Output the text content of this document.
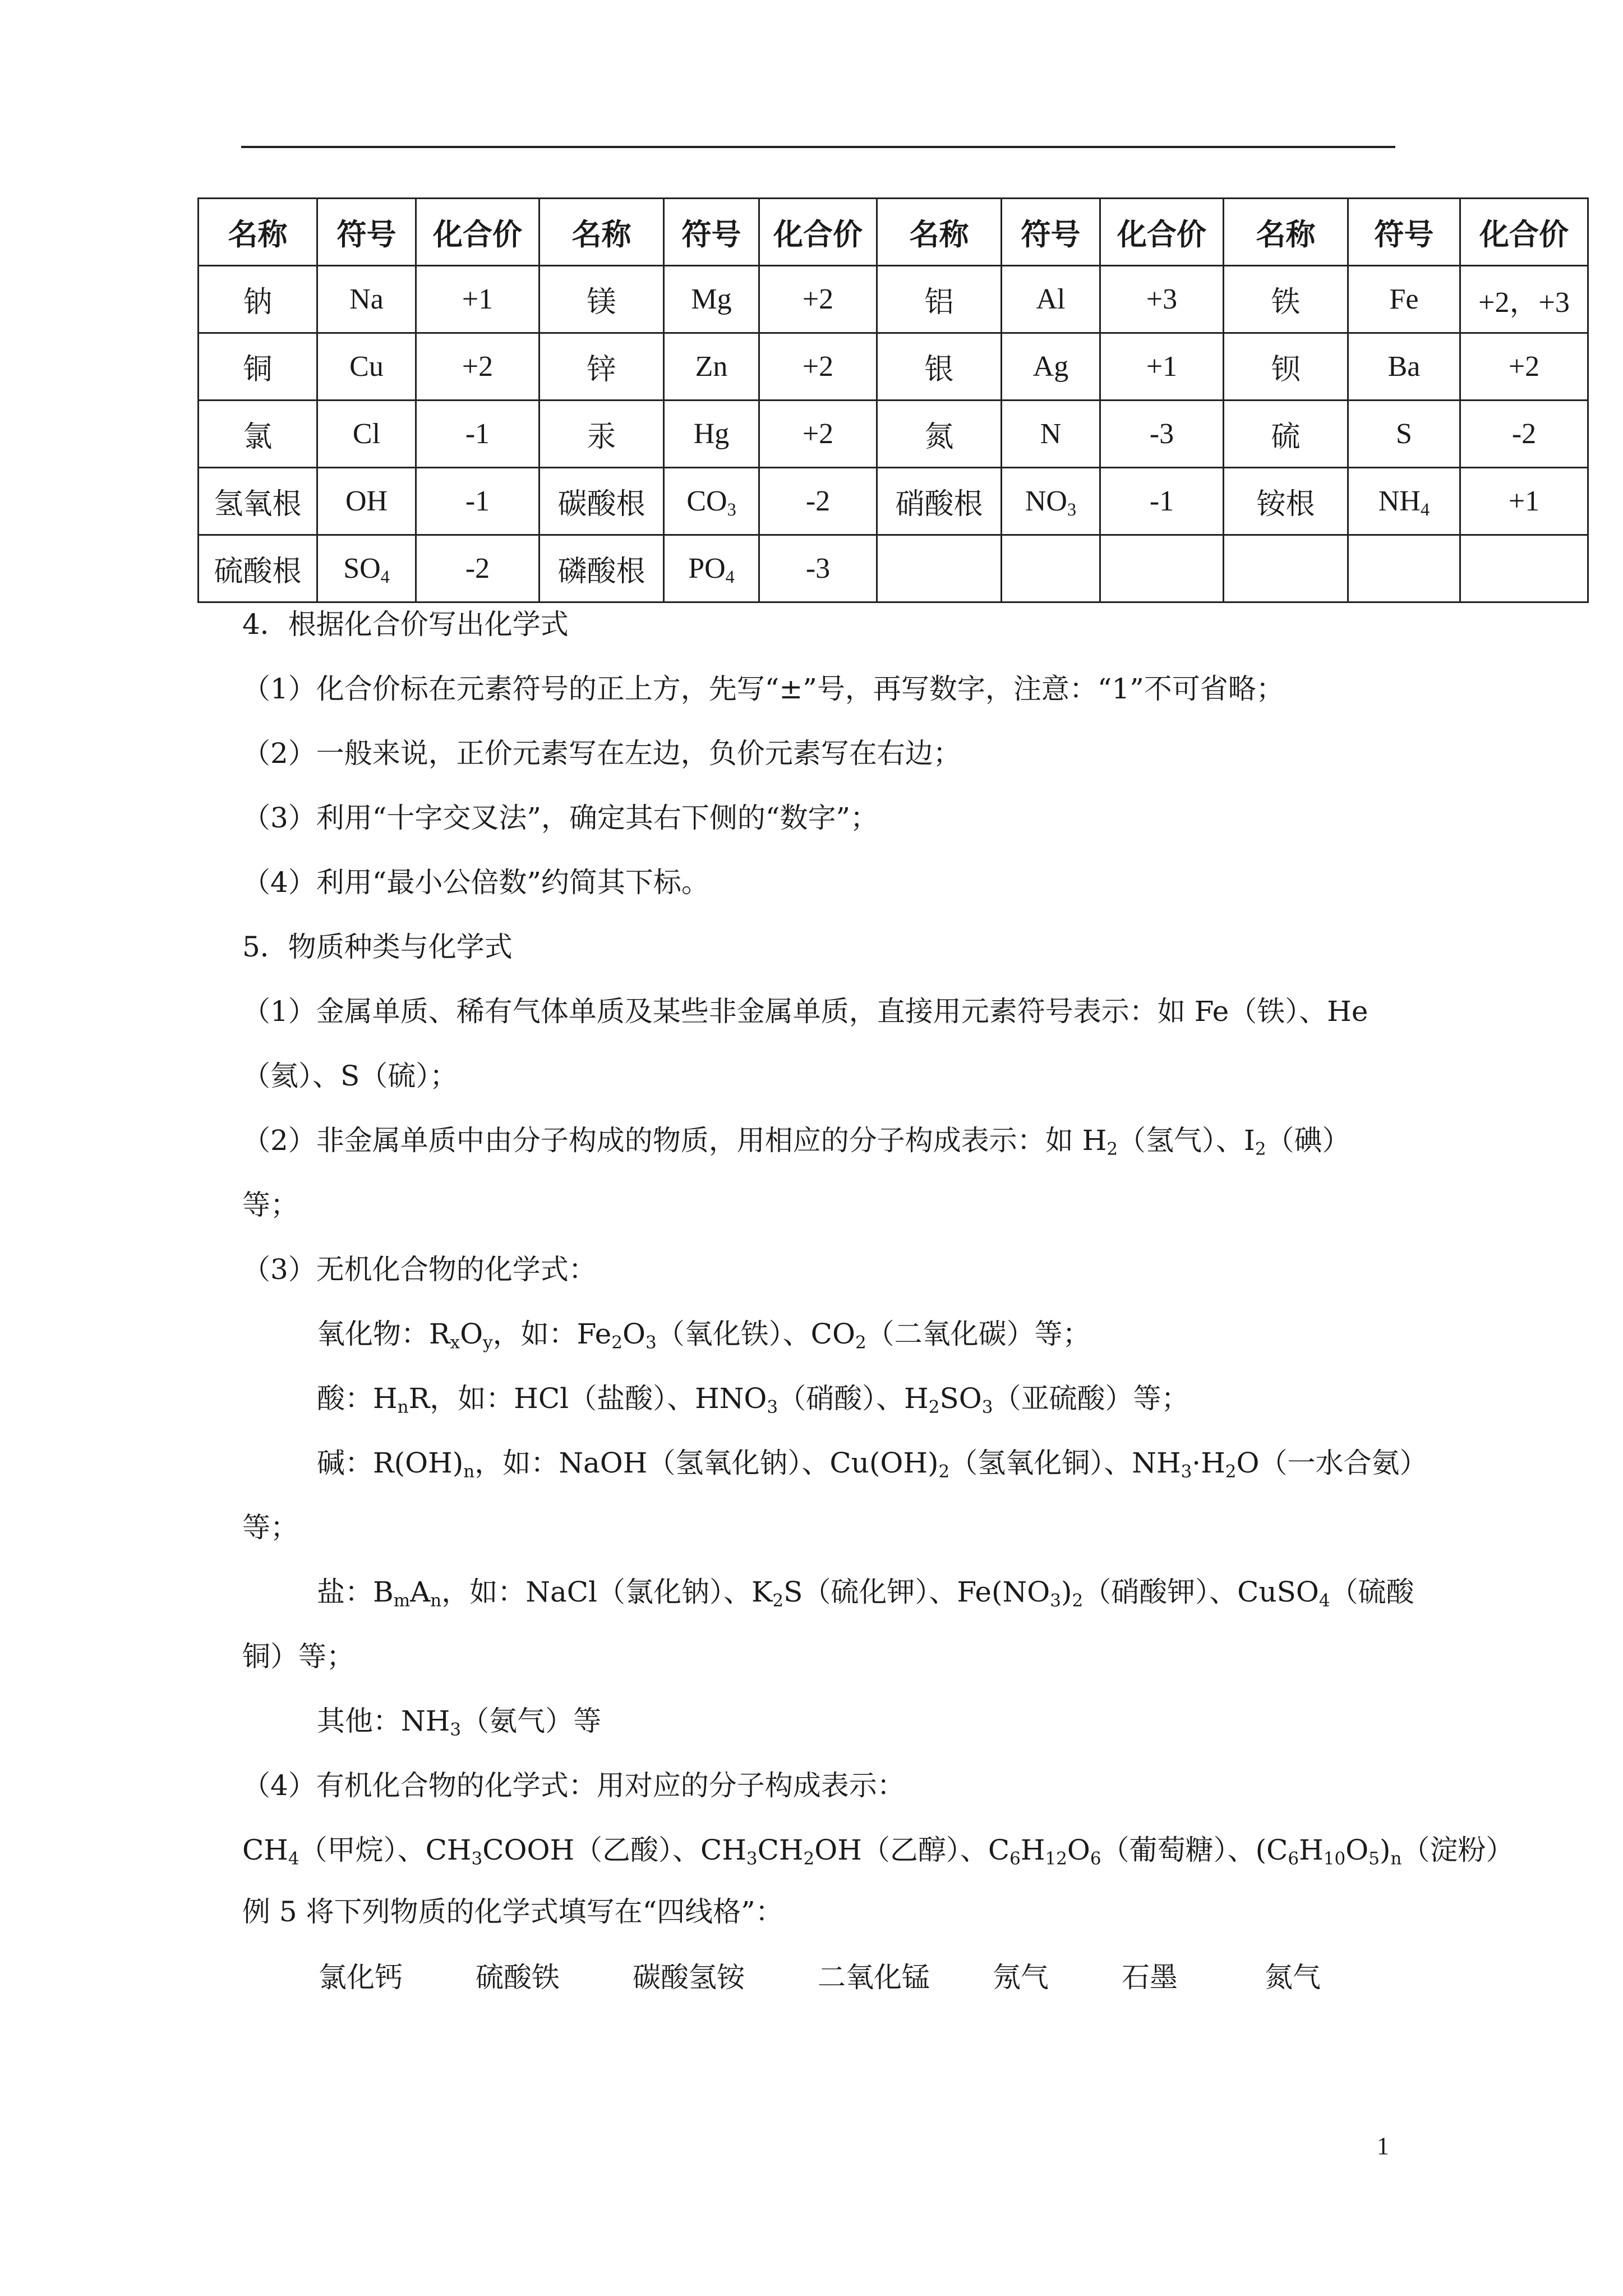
名称	符号	化合价	名称	符号	化合价	名称	符号	化合价	名称	符号	化合价
钠	Na	+1	镁	Mg	+2	铝	Al	+3	铁	Fe	+2，+3
铜	Cu	+2	锌	Zn	+2	银	Ag	+1	钡	Ba	+2
氯	Cl	-1	汞	Hg	+2	氮	N	-3	硫	S	-2
氢氧根	OH	-1	碳酸根	$CO_3$	-2	硝酸根	$NO_3$	-1	铵根	$NH_4$	+1
硫酸根	$SO_4$	-2	磷酸根	$PO_4$	-3						
4．根据化合价写出化学式
（1）化合价标在元素符号的正上方，先写“±”号，再写数字，注意：“1”不可省略；
（2）一般来说，正价元素写在左边，负价元素写在右边；
（3）利用“十字交叉法”，确定其右下侧的“数字”；
（4）利用“最小公倍数”约简其下标。
5．物质种类与化学式
（1）金属单质、稀有气体单质及某些非金属单质，直接用元素符号表示：如 Fe（铁）、He
（氦）、S（硫）；
（2）非金属单质中由分子构成的物质，用相应的分子构成表示：如 $H_2$（氢气）、$I_2$（碘）
等；
（3）无机化合物的化学式：
氧化物：$R_xO_y$，如：$Fe_2O_3$（氧化铁）、$CO_2$（二氧化碳）等；
酸：$H_nR$，如：HCl（盐酸）、$HNO_3$（硝酸）、$H_2SO_3$（亚硫酸）等；
碱：$R(OH)_n$，如：NaOH（氢氧化钠）、$Cu(OH)_2$（氢氧化铜）、$NH_3\cdot H_2O$（一水合氨）
等；
盐：$B_mA_n$，如：NaCl（氯化钠）、$K_2S$（硫化钾）、$Fe(NO_3)_2$（硝酸钾）、CuSO$_4$（硫酸
铜）等；
其他：$NH_3$（氨气）等
（4）有机化合物的化学式：用对应的分子构成表示：
$CH_4$（甲烷）、$CH_3COOH$（乙酸）、$CH_3CH_2OH$（乙醇）、$C_6H_{12}O_6$（葡萄糖）、$(C_6H_{10}O_5)_n$（淀粉）
例 5 将下列物质的化学式填写在“四线格”：
氯化钙	硫酸铁	碳酸氢铵	二氧化锰 氖气	石墨	氮气
1
